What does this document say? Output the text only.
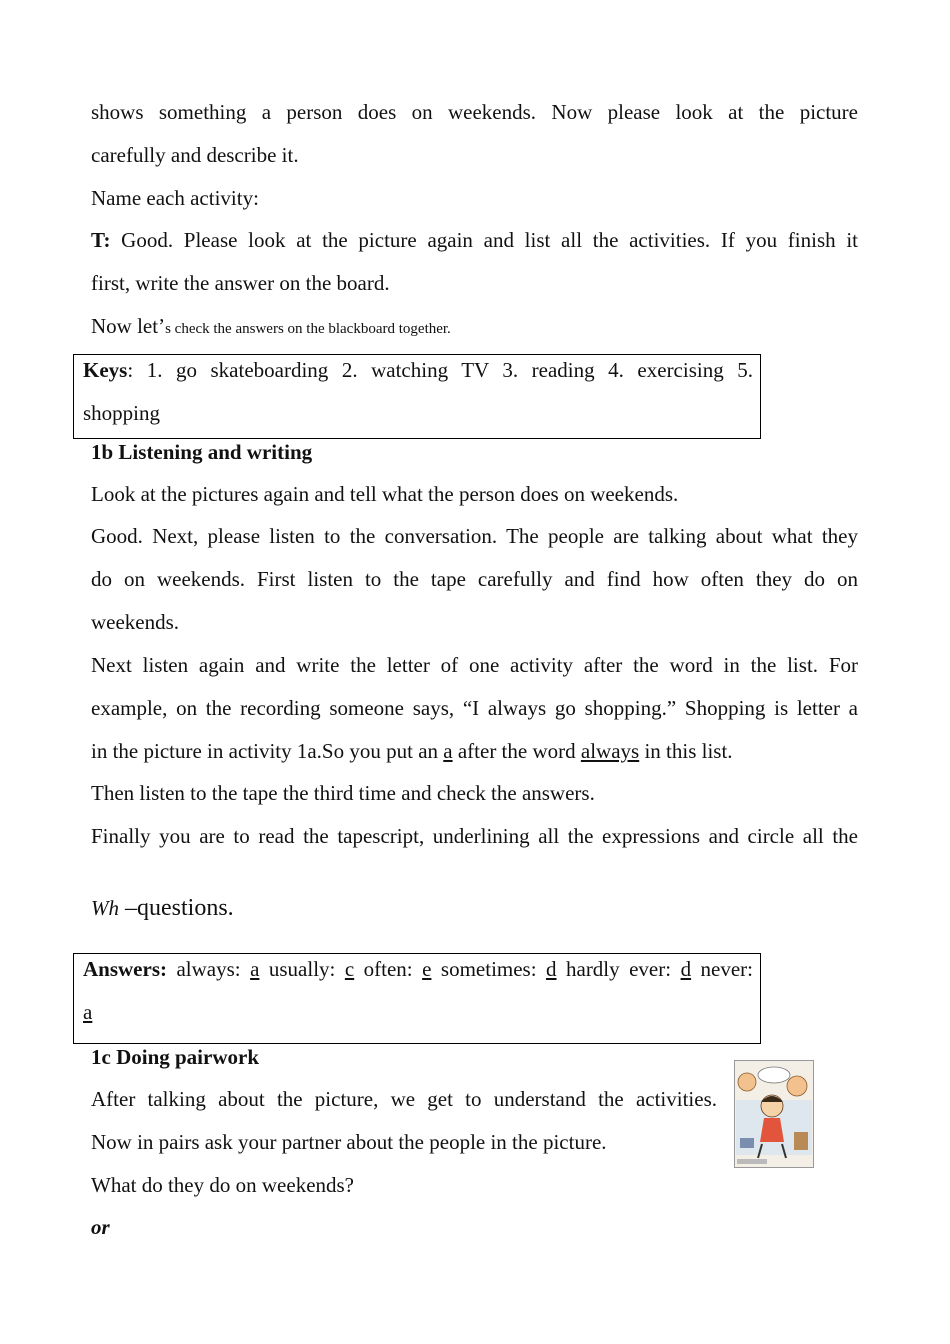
shows something a person does on weekends. Now please look at the picture
carefully and describe it.
Name each activity:
T: Good. Please look at the picture again and list all the activities. If you finish it
first, write the answer on the board.
Now let’s check the answers on the blackboard together.
Keys: 1. go skateboarding 2. watching TV 3. reading 4. exercising 5.
shopping
1b Listening and writing
Look at the pictures again and tell what the person does on weekends.
Good. Next, please listen to the conversation. The people are talking about what they
do on weekends. First listen to the tape carefully and find how often they do on
weekends.
Next listen again and write the letter of one activity after the word in the list. For
example, on the recording someone says, “I always go shopping.” Shopping is letter a
in the picture in activity 1a.So you put an a after the word always in this list.
Then listen to the tape the third time and check the answers.
Finally you are to read the tapescript, underlining all the expressions and circle all the
Wh –questions.
Answers: always: a usually: c often: e sometimes: d hardly ever: d never:
a
1c Doing pairwork
After talking about the picture, we get to understand the activities.
Now in pairs ask your partner about the people in the picture.
What do they do on weekends?
or
